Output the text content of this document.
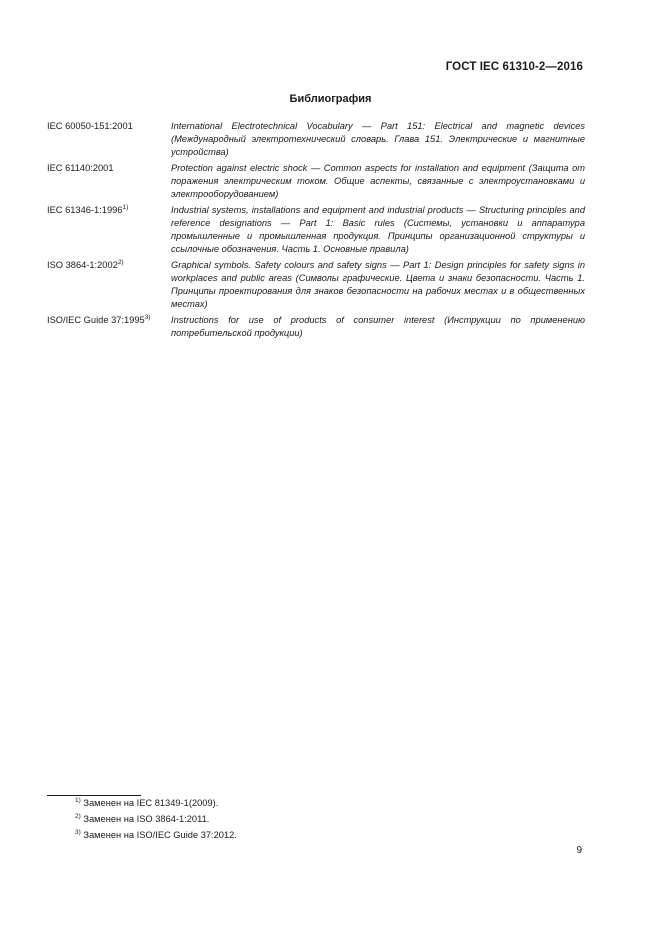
ГОСТ IEC 61310-2—2016
Библиография
IEC 60050-151:2001	International Electrotechnical Vocabulary — Part 151: Electrical and magnetic devices (Международный электротехнический словарь. Глава 151. Электрические и магнитные устройства)
IEC 61140:2001	Protection against electric shock — Common aspects for installation and equipment (Защита от поражения электрическим током. Общие аспекты, связанные с электроустановками и электрооборудованием)
IEC 61346-1:1996$^{1)}$	Industrial systems, installations and equipment and industrial products — Structuring principles and reference designations — Part 1: Basic rules (Системы, установки и аппаратура промышленные и промышленная продукция. Принципы организационной структуры и ссылочные обозначения. Часть 1. Основные правила)
ISO 3864-1:2002$^{2)}$	Graphical symbols. Safety colours and safety signs — Part 1: Design principles for safety signs in workplaces and public areas (Символы графические. Цвета и знаки безопасности. Часть 1. Принципы проектирования для знаков безопасности на рабочих местах и в общественных местах)
ISO/IEC Guide 37:1995$^{3)}$	Instructions for use of products of consumer interest (Инструкции по применению потребительской продукции)
$^{1)}$ Заменен на IEC 81349-1(2009).
$^{2)}$ Заменен на ISO 3864-1:2011.
$^{3)}$ Заменен на ISO/IEC Guide 37:2012.
9
